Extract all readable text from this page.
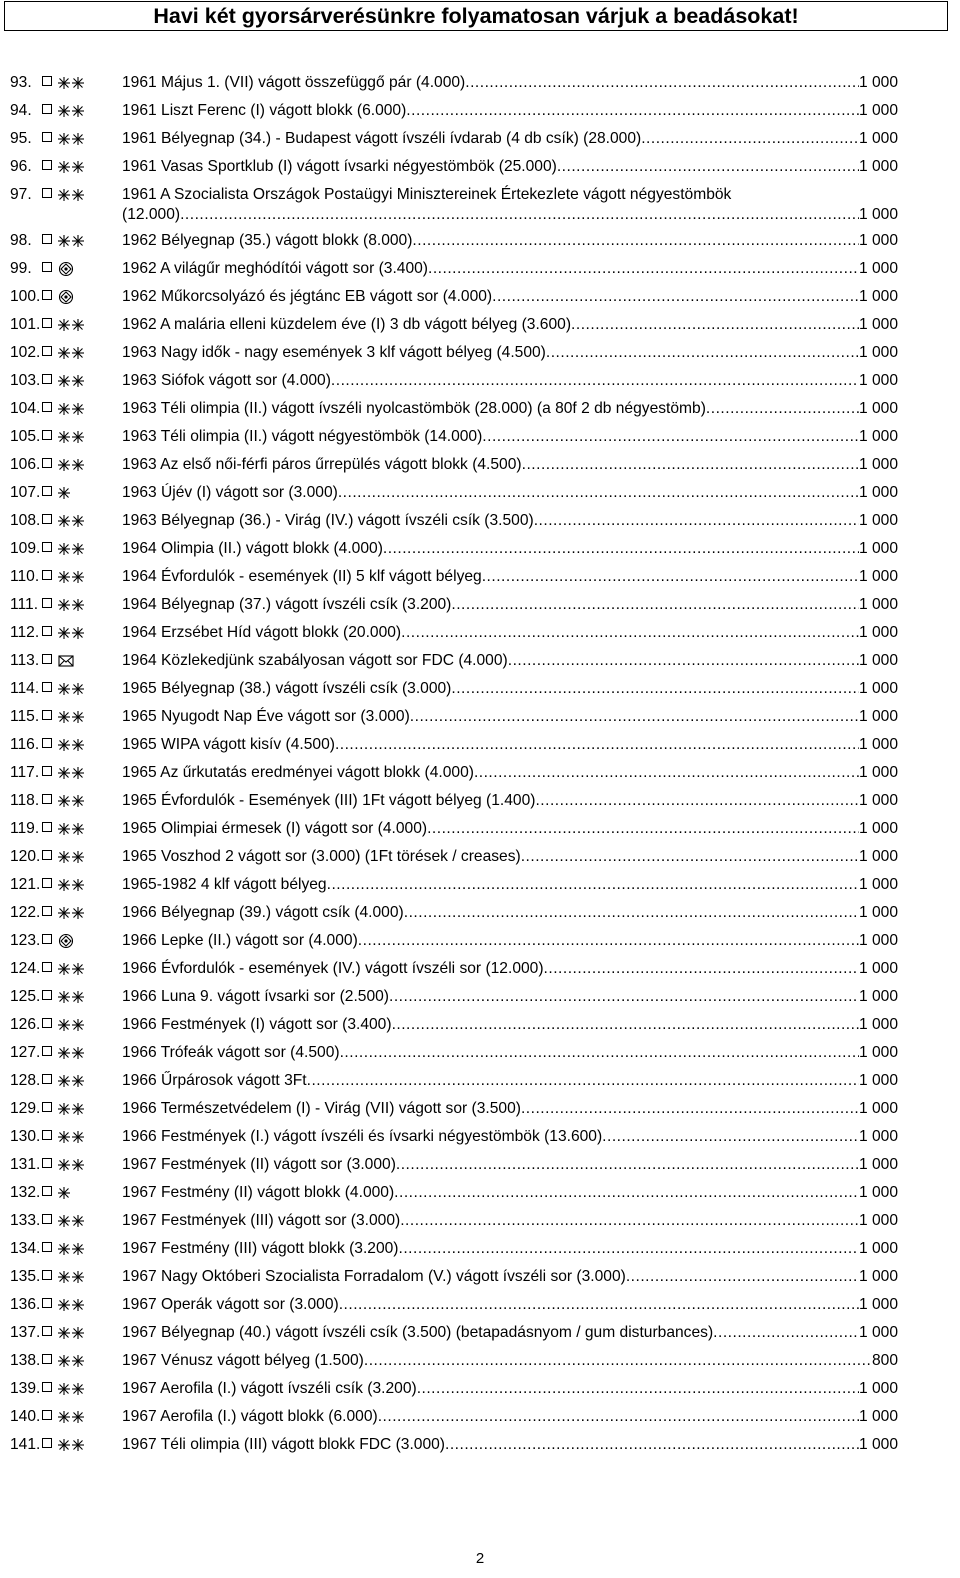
Havi két gyorsárverésünkre folyamatosan várjuk a beadásokat!
93.	1961 Május 1. (VII) vágott összefüggő pár (4.000) .....	1 000
94.	1961 Liszt Ferenc (I) vágott blokk (6.000) .....	1 000
95.	1961 Bélyegnap (34.) - Budapest vágott ívszéli ívdarab (4 db csík) (28.000) .....	1 000
96.	1961 Vasas Sportklub (I) vágott ívsarki négyestömbök (25.000) .....	1 000
97.	1961 A Szocialista Országok Postaügyi Minisztereinek Értekezlete vágott négyestömbök
(12.000) .....	1 000
98.	1962 Bélyegnap (35.) vágott blokk (8.000) .....	1 000
99.	1962 A világűr meghódítói vágott sor (3.400) .....	1 000
100.	1962 Műkorcsolyázó és jégtánc EB vágott sor (4.000) .....	1 000
101.	1962 A malária elleni küzdelem éve (I) 3 db vágott bélyeg (3.600) .....	1 000
102.	1963 Nagy idők - nagy események 3 klf vágott bélyeg (4.500) .....	1 000
103.	1963 Siófok vágott sor (4.000) .....	1 000
104.	1963 Téli olimpia (II.) vágott ívszéli nyolcastömbök (28.000) (a 80f 2 db négyestömb) .....	1 000
105.	1963 Téli olimpia (II.) vágott négyestömbök (14.000) .....	1 000
106.	1963 Az első női-férfi páros űrrepülés vágott blokk (4.500) .....	1 000
107.	1963 Újév (I) vágott sor (3.000) .....	1 000
108.	1963 Bélyegnap (36.) - Virág (IV.) vágott ívszéli csík (3.500) .....	1 000
109.	1964 Olimpia (II.) vágott blokk (4.000) .....	1 000
110.	1964 Évfordulók - események (II) 5 klf vágott bélyeg .....	1 000
111.	1964 Bélyegnap (37.) vágott ívszéli csík (3.200) .....	1 000
112.	1964 Erzsébet Híd vágott blokk (20.000) .....	1 000
113.	1964 Közlekedjünk szabályosan vágott sor FDC (4.000) .....	1 000
114.	1965 Bélyegnap (38.) vágott ívszéli csík (3.000) .....	1 000
115.	1965 Nyugodt Nap Éve vágott sor (3.000) .....	1 000
116.	1965 WIPA vágott kisív (4.500) .....	1 000
117.	1965 Az űrkutatás eredményei vágott blokk (4.000) .....	1 000
118.	1965 Évfordulók - Események (III) 1Ft vágott bélyeg (1.400) .....	1 000
119.	1965 Olimpiai érmesek (I) vágott sor (4.000) .....	1 000
120.	1965 Voszhod 2 vágott sor (3.000) (1Ft törések / creases) .....	1 000
121.	1965-1982 4 klf vágott bélyeg .....	1 000
122.	1966 Bélyegnap (39.) vágott csík (4.000) .....	1 000
123.	1966 Lepke (II.) vágott sor (4.000) .....	1 000
124.	1966 Évfordulók - események (IV.) vágott ívszéli sor (12.000) .....	1 000
125.	1966 Luna 9. vágott ívsarki sor (2.500) .....	1 000
126.	1966 Festmények (I) vágott sor (3.400) .....	1 000
127.	1966 Trófeák vágott sor (4.500) .....	1 000
128.	1966 Űrpárosok vágott 3Ft .....	1 000
129.	1966 Természetvédelem (I) - Virág (VII) vágott sor (3.500) .....	1 000
130.	1966 Festmények (I.) vágott ívszéli és ívsarki négyestömbök (13.600) .....	1 000
131.	1967 Festmények (II) vágott sor (3.000) .....	1 000
132.	1967 Festmény (II) vágott blokk (4.000) .....	1 000
133.	1967 Festmények (III) vágott sor (3.000) .....	1 000
134.	1967 Festmény (III) vágott blokk (3.200) .....	1 000
135.	1967 Nagy Októberi Szocialista Forradalom (V.) vágott ívszéli sor (3.000) .....	1 000
136.	1967 Operák vágott sor (3.000) .....	1 000
137.	1967 Bélyegnap (40.) vágott ívszéli csík (3.500) (betapadásnyom / gum disturbances) .....	1 000
138.	1967 Vénusz vágott bélyeg (1.500) .....	800
139.	1967 Aerofila (I.) vágott ívszéli csík (3.200) .....	1 000
140.	1967 Aerofila (I.) vágott blokk (6.000) .....	1 000
141.	1967 Téli olimpia (III) vágott blokk FDC (3.000) .....	1 000
2
